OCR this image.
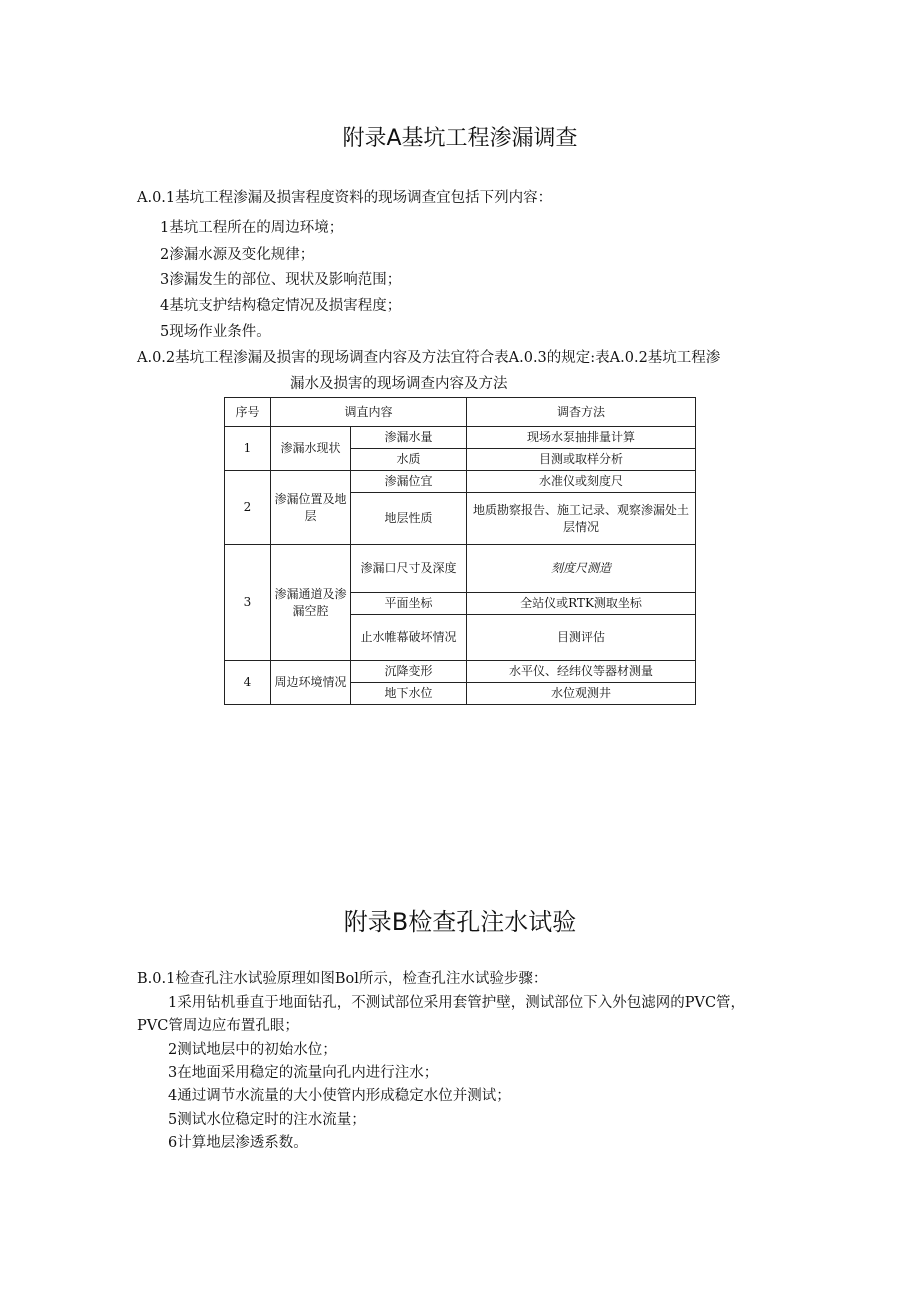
附录A基坑工程渗漏调查

A.0.1基坑工程渗漏及损害程度资料的现场调查宜包括下列内容：

1基坑工程所在的周边环境；

2渗漏水源及变化规律；

3渗漏发生的部位、现状及影响范围；

4基坑支护结构稳定情况及损害程度；

5现场作业条件。

A.0.2基坑工程渗漏及损害的现场调查内容及方法宜符合表A.0.3的规定:表A.0.2基坑工程渗

漏水及损害的现场调查内容及方法

序号	调直内容		调杳方法
1	渗漏水现状	渗漏水量	现场水泵抽排量计算
		水质	目测或取样分析
2	渗漏位置及地层	渗漏位宜	水准仪或刻度尺
		地层性质	地质勘察报告、施工记录、观察渗漏处土层情况
3	渗漏通道及渗漏空腔	渗漏口尺寸及深度	刻度尺测造
		平面坐标	全站仪或RTK测取坐标
		止水帷幕破坏情况	目测评估
4	周边环境情况	沉降变形	水平仪、经纬仪等器材测量
		地下水位	水位观测井
附录B检查孔注水试验

B.0.1检查孔注水试验原理如图Bol所示，检查孔注水试验步骤：

1采用钻机垂直于地面钻孔，不测试部位采用套管护壁，测试部位下入外包滤网的PVC管，

PVC管周边应布置孔眼；

2测试地层中的初始水位；

3在地面采用稳定的流量向孔内进行注水；

4通过调节水流量的大小使管内形成稳定水位并测试；

5测试水位稳定时的注水流量；

6计算地层渗透系数。
